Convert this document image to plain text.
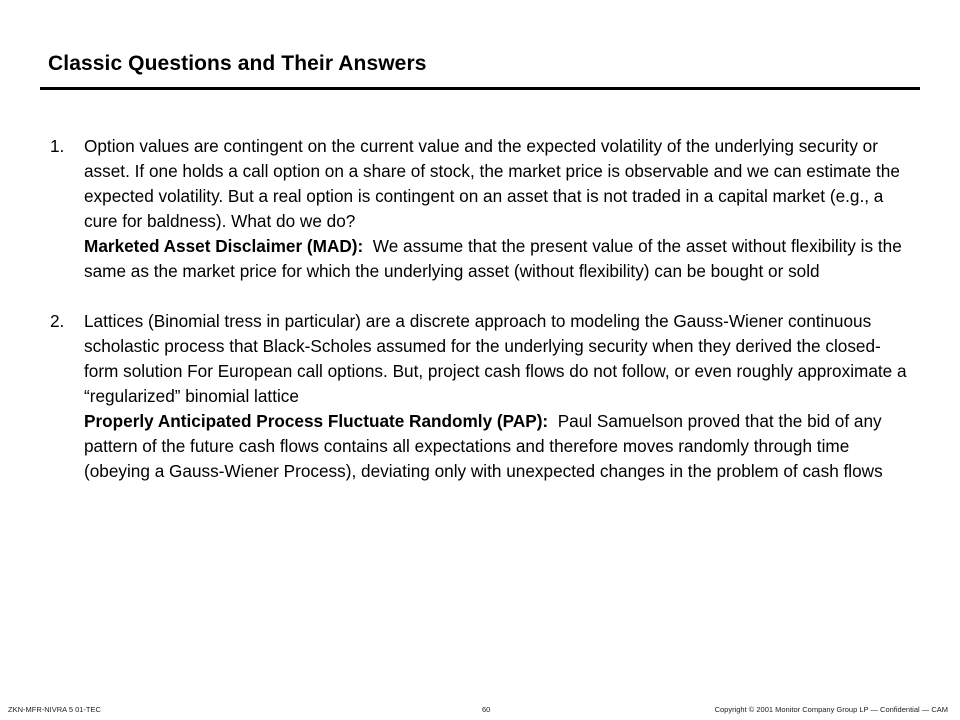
Classic Questions and Their Answers
1.	Option values are contingent on the current value and the expected volatility of the underlying security or asset. If one holds a call option on a share of stock, the market price is observable and we can estimate the expected volatility. But a real option is contingent on an asset that is not traded in a capital market (e.g., a cure for baldness). What do we do?

Marketed Asset Disclaimer (MAD): We assume that the present value of the asset without flexibility is the same as the market price for which the underlying asset (without flexibility) can be bought or sold

2.	Lattices (Binomial tress in particular) are a discrete approach to modeling the Gauss-Wiener continuous scholastic process that Black-Scholes assumed for the underlying security when they derived the closed-form solution For European call options. But, project cash flows do not follow, or even roughly approximate a “regularized” binomial lattice

Properly Anticipated Process Fluctuate Randomly (PAP): Paul Samuelson proved that the bid of any pattern of the future cash flows contains all expectations and therefore moves randomly through time (obeying a Gauss-Wiener Process), deviating only with unexpected changes in the problem of cash flows

ZKN-MFR-NIVRA 5 01-TEC	60	Copyright © 2001 Monitor Company Group LP — Confidential — CAM
